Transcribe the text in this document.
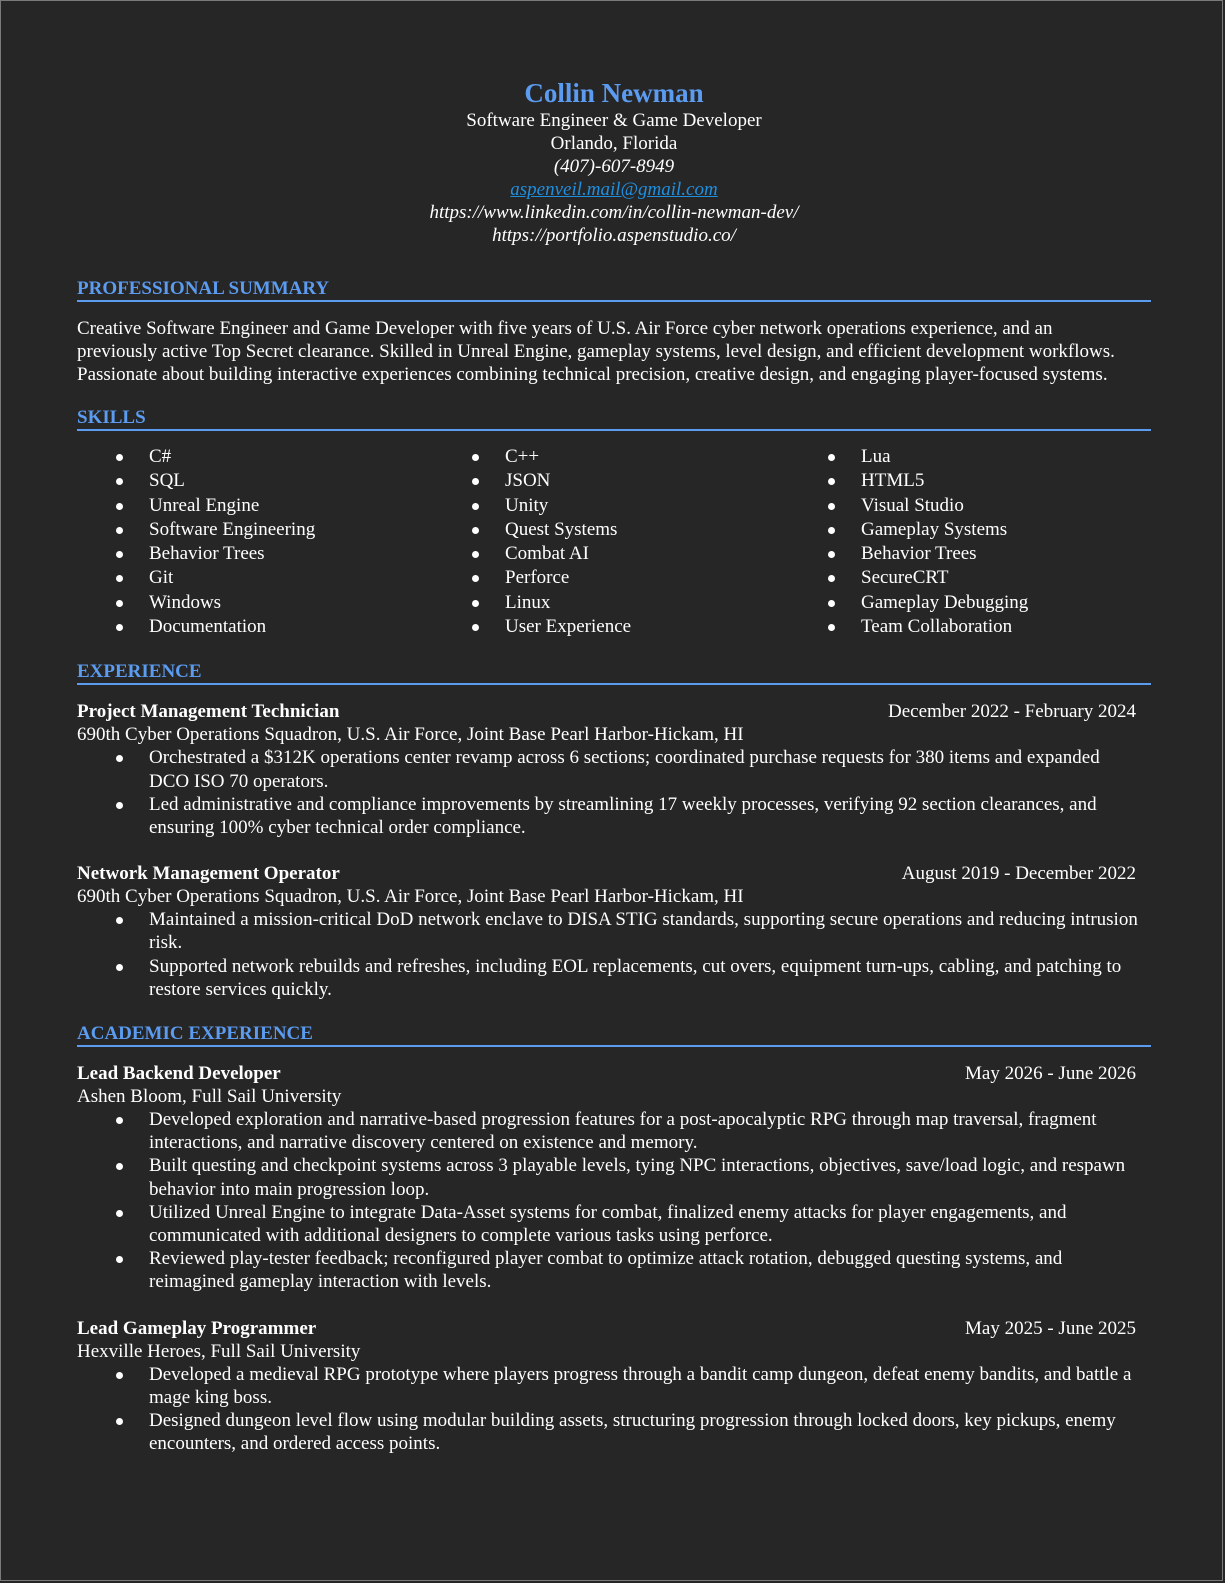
Collin Newman

Software Engineer & Game Developer

Orlando, Florida

(407)-607-8949

aspenveil.mail@gmail.com

https://www.linkedin.com/in/collin-newman-dev/

https://portfolio.aspenstudio.co/

PROFESSIONAL SUMMARY

Creative Software Engineer and Game Developer with five years of U.S. Air Force cyber network operations experience, and an previously active Top Secret clearance. Skilled in Unreal Engine, gameplay systems, level design, and efficient development workflows. Passionate about building interactive experiences combining technical precision, creative design, and engaging player-focused systems.

SKILLS

C#
SQL
Unreal Engine
Software Engineering
Behavior Trees
Git
Windows
Documentation
C++
JSON
Unity
Quest Systems
Combat AI
Perforce
Linux
User Experience
Lua
HTML5
Visual Studio
Gameplay Systems
Behavior Trees
SecureCRT
Gameplay Debugging
Team Collaboration

EXPERIENCE

Project Management Technician	December 2022 - February 2024
690th Cyber Operations Squadron, U.S. Air Force, Joint Base Pearl Harbor-Hickam, HI
Orchestrated a $312K operations center revamp across 6 sections; coordinated purchase requests for 380 items and expanded DCO ISO 70 operators.
Led administrative and compliance improvements by streamlining 17 weekly processes, verifying 92 section clearances, and ensuring 100% cyber technical order compliance.
Network Management Operator	August 2019 - December 2022
690th Cyber Operations Squadron, U.S. Air Force, Joint Base Pearl Harbor-Hickam, HI
Maintained a mission-critical DoD network enclave to DISA STIG standards, supporting secure operations and reducing intrusion risk.
Supported network rebuilds and refreshes, including EOL replacements, cut overs, equipment turn-ups, cabling, and patching to restore services quickly.

ACADEMIC EXPERIENCE

Lead Backend Developer	May 2026 - June 2026
Ashen Bloom, Full Sail University
Developed exploration and narrative-based progression features for a post-apocalyptic RPG through map traversal, fragment interactions, and narrative discovery centered on existence and memory.
Built questing and checkpoint systems across 3 playable levels, tying NPC interactions, objectives, save/load logic, and respawn behavior into main progression loop.
Utilized Unreal Engine to integrate Data-Asset systems for combat, finalized enemy attacks for player engagements, and communicated with additional designers to complete various tasks using perforce.
Reviewed play-tester feedback; reconfigured player combat to optimize attack rotation, debugged questing systems, and reimagined gameplay interaction with levels.
Lead Gameplay Programmer	May 2025 - June 2025
Hexville Heroes, Full Sail University
Developed a medieval RPG prototype where players progress through a bandit camp dungeon, defeat enemy bandits, and battle a mage king boss.
Designed dungeon level flow using modular building assets, structuring progression through locked doors, key pickups, enemy encounters, and ordered access points.
